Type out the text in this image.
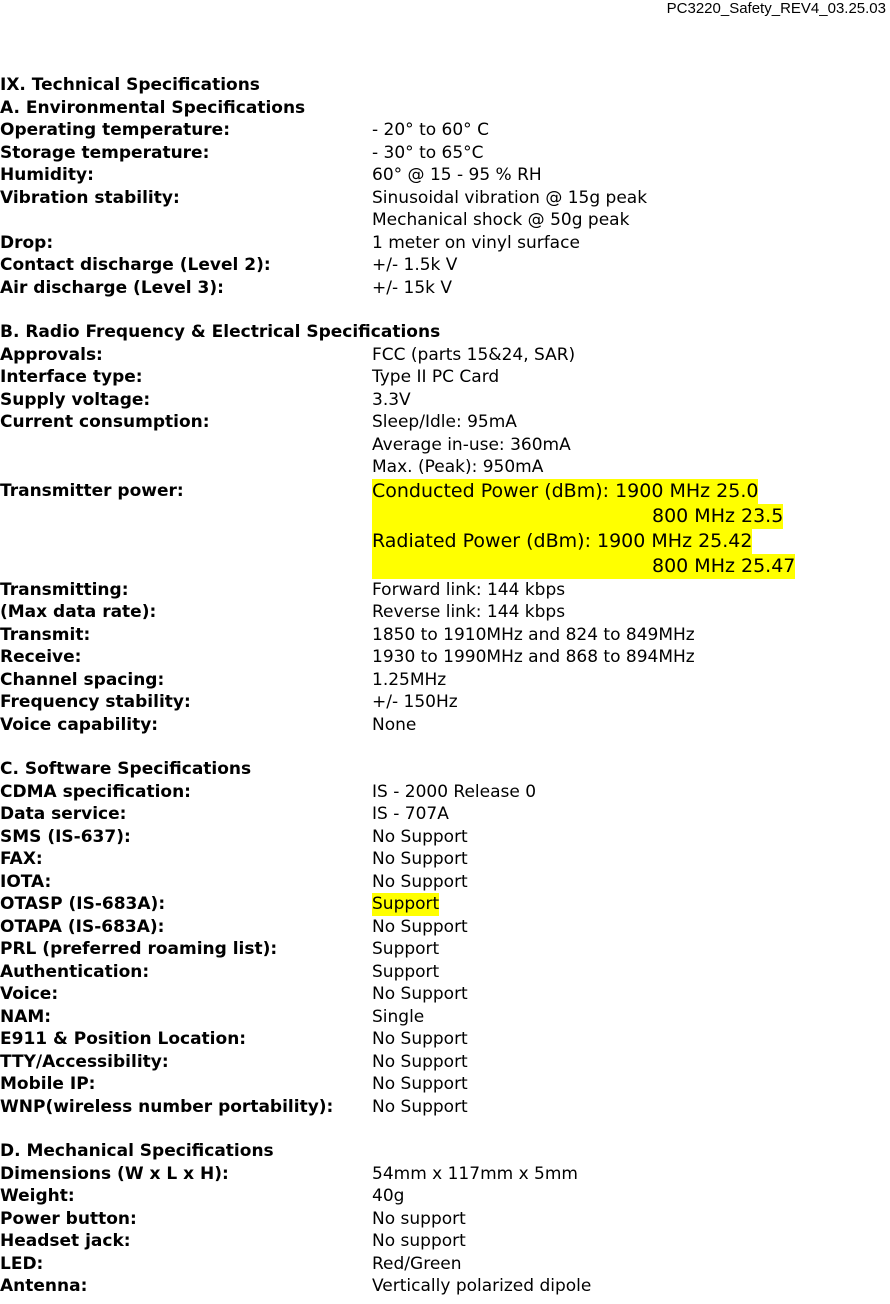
PC3220_Safety_REV4_03.25.03
IX. Technical Specifications
A. Environmental Specifications
Operating temperature:	- 20° to 60° C
Storage temperature:	- 30° to 65°C
Humidity:	60° @ 15 - 95 % RH
Vibration stability:	Sinusoidal vibration @ 15g peak
Mechanical shock @ 50g peak
Drop:	1 meter on vinyl surface
Contact discharge (Level 2):	+/- 1.5k V
Air discharge (Level 3):	+/- 15k V
B. Radio Frequency & Electrical Specifications
Approvals:	FCC (parts 15&24, SAR)
Interface type:	Type II PC Card
Supply voltage:	3.3V
Current consumption:	Sleep/Idle: 95mA
Average in-use: 360mA
Max. (Peak): 950mA
Transmitter power:	Conducted Power (dBm): 1900 MHz 25.0
800 MHz 23.5
Radiated Power (dBm): 1900 MHz 25.42
800 MHz 25.47
Transmitting:	Forward link: 144 kbps
(Max data rate):	Reverse link: 144 kbps
Transmit:	1850 to 1910MHz and 824 to 849MHz
Receive:	1930 to 1990MHz and 868 to 894MHz
Channel spacing:	1.25MHz
Frequency stability:	+/- 150Hz
Voice capability:	None
C. Software Specifications
CDMA specification:	IS - 2000 Release 0
Data service:	IS - 707A
SMS (IS-637):	No Support
FAX:	No Support
IOTA:	No Support
OTASP (IS-683A):	Support
OTAPA (IS-683A):	No Support
PRL (preferred roaming list):	Support
Authentication:	Support
Voice:	No Support
NAM:	Single
E911 & Position Location:	No Support
TTY/Accessibility:	No Support
Mobile IP:	No Support
WNP(wireless number portability):	No Support
D. Mechanical Specifications
Dimensions (W x L x H):	54mm x 117mm x 5mm
Weight:	40g
Power button:	No support
Headset jack:	No support
LED:	Red/Green
Antenna:	Vertically polarized dipole
